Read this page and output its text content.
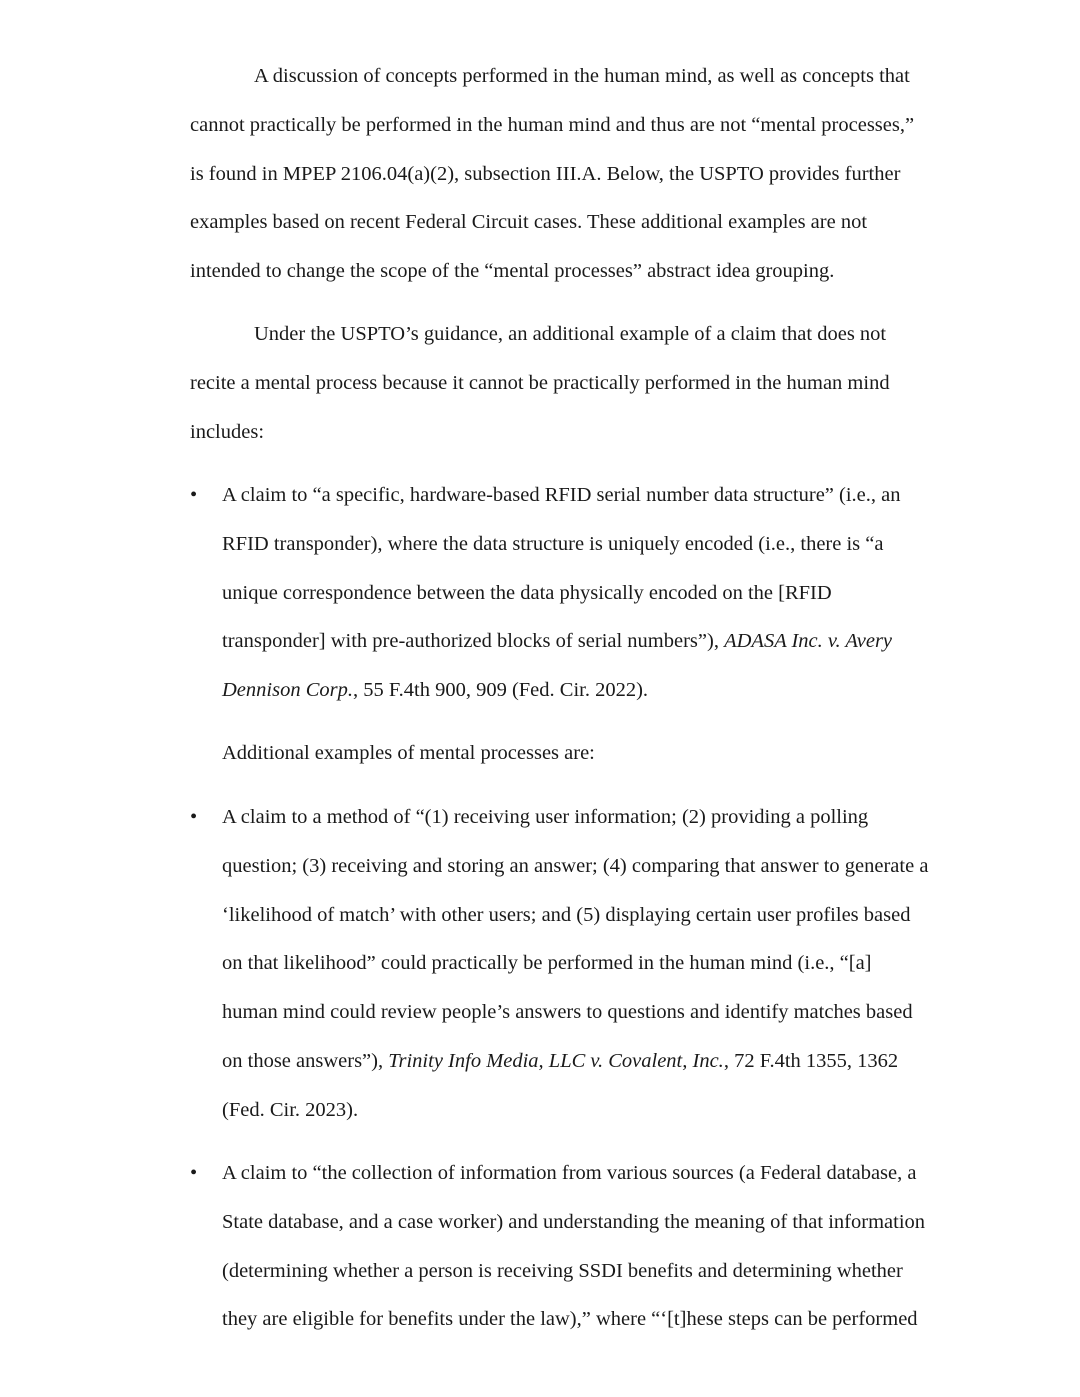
A discussion of concepts performed in the human mind, as well as concepts that
cannot practically be performed in the human mind and thus are not “mental processes,”
is found in MPEP 2106.04(a)(2), subsection III.A. Below, the USPTO provides further
examples based on recent Federal Circuit cases. These additional examples are not
intended to change the scope of the “mental processes” abstract idea grouping.
Under the USPTO’s guidance, an additional example of a claim that does not
recite a mental process because it cannot be practically performed in the human mind
includes:
•	A claim to “a specific, hardware-based RFID serial number data structure” (i.e., an
RFID transponder), where the data structure is uniquely encoded (i.e., there is “a
unique correspondence between the data physically encoded on the [RFID
transponder] with pre-authorized blocks of serial numbers”), ADASA Inc. v. Avery
Dennison Corp., 55 F.4th 900, 909 (Fed. Cir. 2022).
Additional examples of mental processes are:
•	A claim to a method of “(1) receiving user information; (2) providing a polling
question; (3) receiving and storing an answer; (4) comparing that answer to generate a
‘likelihood of match’ with other users; and (5) displaying certain user profiles based
on that likelihood” could practically be performed in the human mind (i.e., “[a]
human mind could review people’s answers to questions and identify matches based
on those answers”), Trinity Info Media, LLC v. Covalent, Inc., 72 F.4th 1355, 1362
(Fed. Cir. 2023).
•	A claim to “the collection of information from various sources (a Federal database, a
State database, and a case worker) and understanding the meaning of that information
(determining whether a person is receiving SSDI benefits and determining whether
they are eligible for benefits under the law),” where “‘[t]hese steps can be performed
